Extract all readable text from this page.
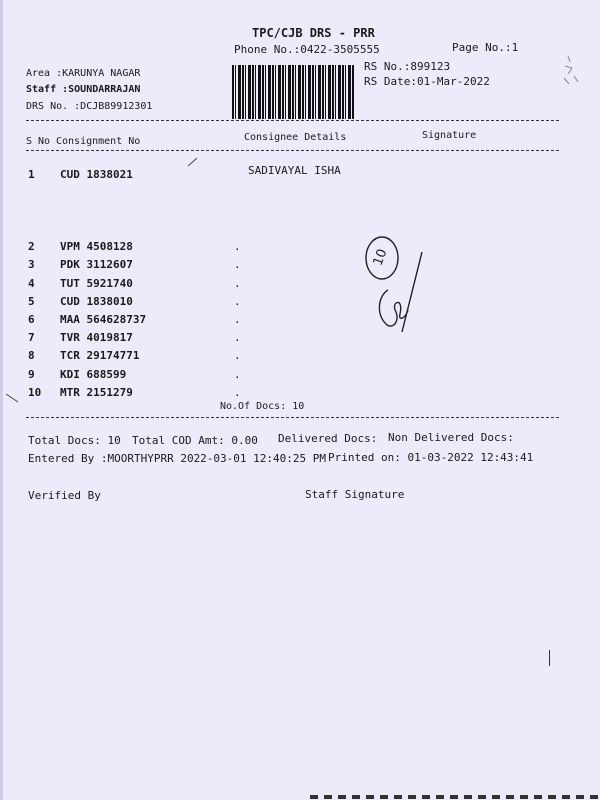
TPC/CJB DRS - PRR
Phone No.:0422-3505555	Page No.:1
Area :KARUNYA NAGAR
Staff :SOUNDARRAJAN
DRS No. :DCJB89912301
RS No.:899123
RS Date:01-Mar-2022
S No Consignment No	Consignee Details	Signature
1 CUD 1838021	SADIVAYAL ISHA
2 VPM 4508128	.
3 PDK 3112607	.
4 TUT 5921740	.
5 CUD 1838010	.
6 MAA 564628737	.
7 TVR 4019817	.
8 TCR 29174771	.
9 KDI 688599	.
10 MTR 2151279	.
10
No.Of Docs: 10
Total Docs: 10 Total COD Amt: 0.00 Delivered Docs: Non Delivered Docs:
Entered By :MOORTHYPRR 2022-03-01 12:40:25 PM Printed on: 01-03-2022 12:43:41
Verified By	Staff Signature
